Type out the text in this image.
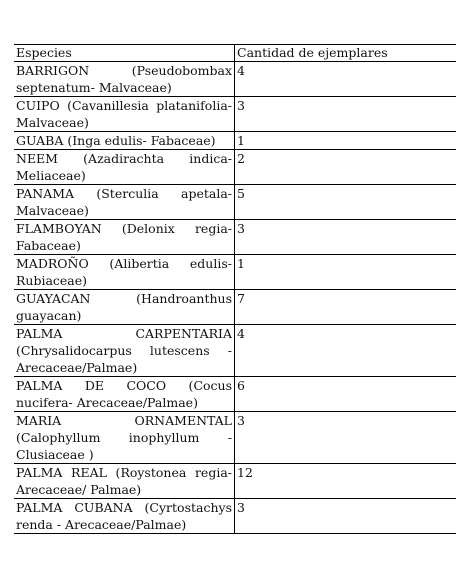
Especies	Cantidad de ejemplares
BARRIGON (Pseudobombax septenatum- Malvaceae)
4
CUIPO (Cavanillesia platanifolia-Malvaceae)
3
GUABA (Inga edulis- Fabaceae)	1
NEEM (Azadirachta indica- Meliaceae)
2
PANAMA (Sterculia apetala- Malvaceae)
5
FLAMBOYAN (Delonix regia- Fabaceae)
3
MADROÑO (Alibertia edulis- Rubiaceae)
1
GUAYACAN (Handroanthus guayacan)
7
PALMA CARPENTARIA (Chrysalidocarpus lutescens - Arecaceae/Palmae)
4
PALMA DE COCO (Cocus nucifera- Arecaceae/Palmae)
6
MARIA ORNAMENTAL (Calophyllum inophyllum - Clusiaceae )
3
PALMA REAL (Roystonea regia- Arecaceae/ Palmae)
12
PALMA CUBANA (Cyrtostachys renda - Arecaceae/Palmae)
3
